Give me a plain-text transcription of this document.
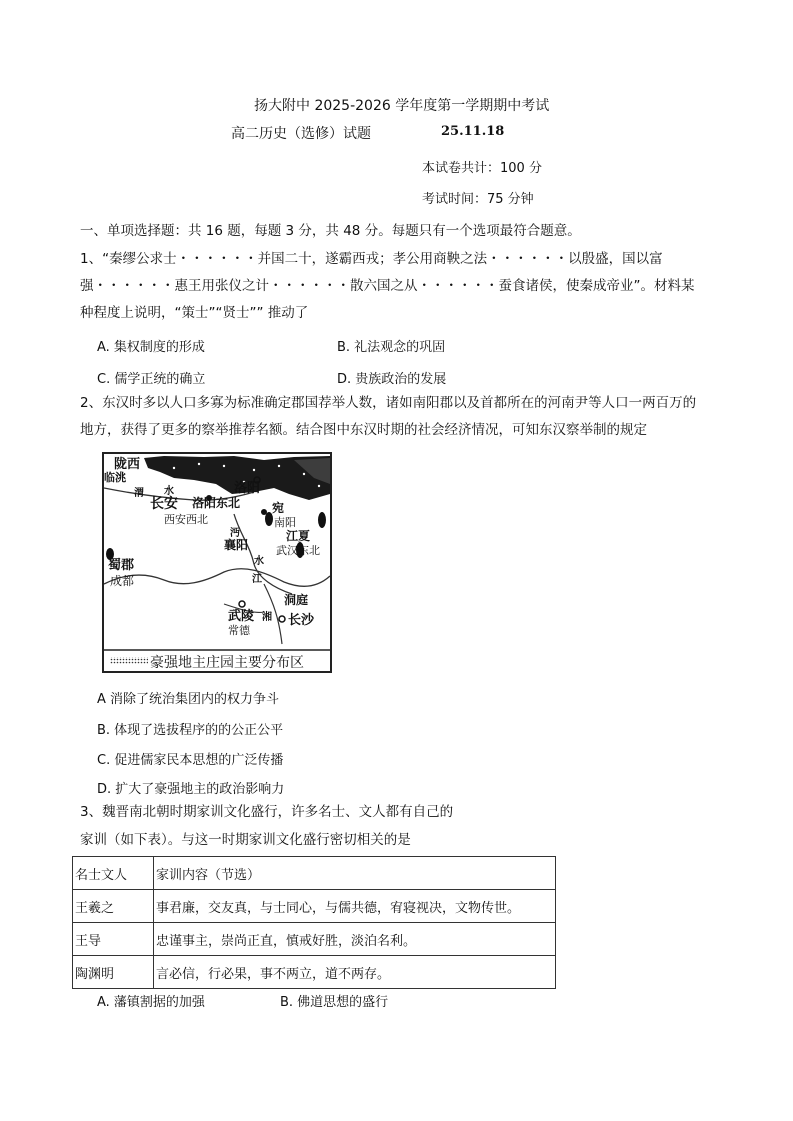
扬大附中 2025-2026 学年度第一学期期中考试
高二历史（选修）试题	25.11.18
本试卷共计：100 分
考试时间：75 分钟
一、单项选择题：共 16 题，每题 3 分，共 48 分。每题只有一个选项最符合题意。
1、“秦缪公求士・・・・・・并国二十，遂霸西戎；孝公用商鞅之法・・・・・・以殷盛，国以富
强・・・・・・惠王用张仪之计・・・・・・散六国之从・・・・・・蚕食诸侯，使秦成帝业”。材料某
种程度上说明，“策士”“贤士”” 推动了
A. 集权制度的形成	B. 礼法观念的巩固
C. 儒学正统的确立	D. 贵族政治的发展
2、东汉时多以人口多寡为标准确定郡国荐举人数，诸如南阳郡以及首都所在的河南尹等人口一两百万的
地方，获得了更多的察举推荐名额。结合图中东汉时期的社会经济情况，可知东汉察举制的规定
陇西
临洮
渭	洛阳
水
长安 洛阳东北
西安西北
宛
南阳
沔
襄阳
江夏
武汉东北
水
蜀郡
成都	江
洞庭
武陵
常德
湘 长沙
豪强地主庄园主要分布区
A 消除了统治集团内的权力争斗
B. 体现了选拔程序的的公正公平
C. 促进儒家民本思想的广泛传播
D. 扩大了豪强地主的政治影响力
3、魏晋南北朝时期家训文化盛行，许多名士、文人都有自己的
家训（如下表）。与这一时期家训文化盛行密切相关的是
名士文人	家训内容（节选）
王羲之	事君廉，交友真，与士同心，与儒共德，宥寝视决，文物传世。
王导	忠谨事主，崇尚正直，慎戒好胜，淡泊名利。
陶渊明	言必信，行必果，事不两立，道不两存。
A. 藩镇割据的加强	B. 佛道思想的盛行
